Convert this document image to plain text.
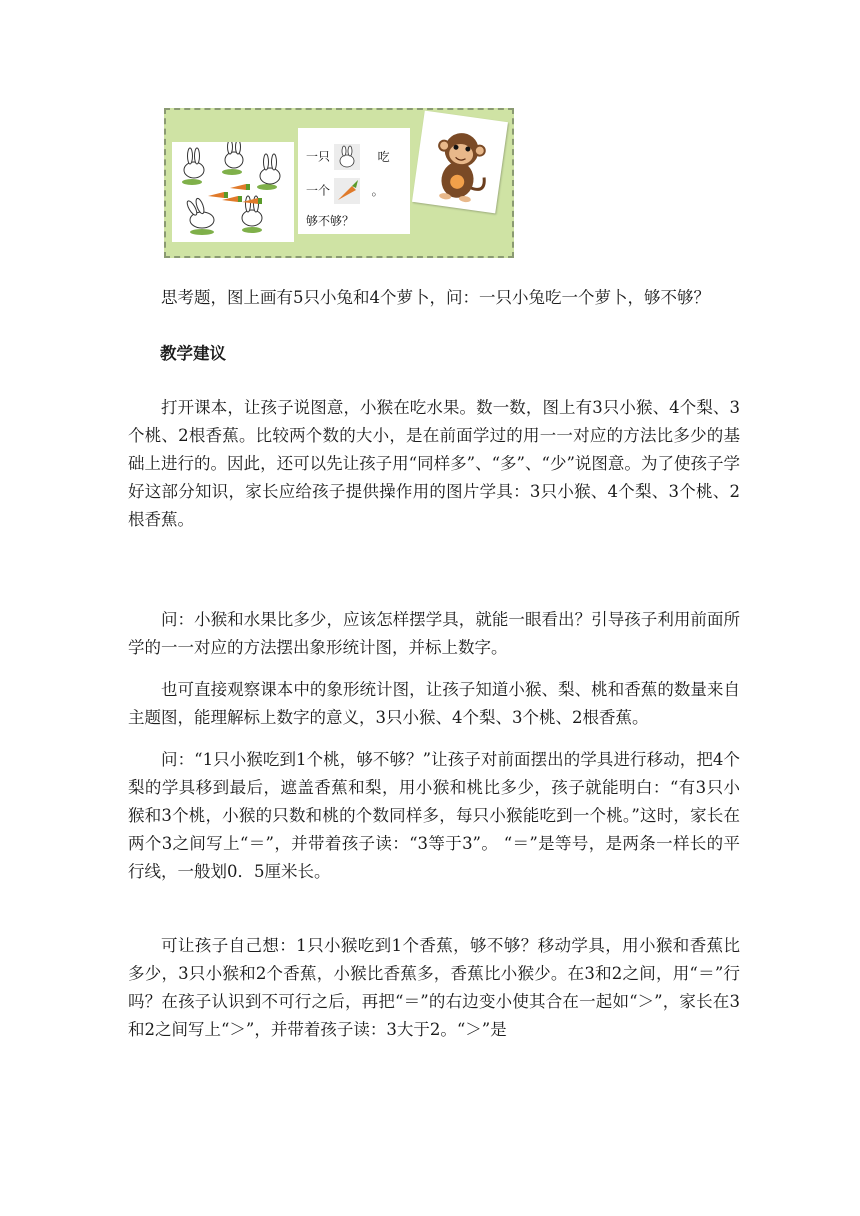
一只	吃
一个	。
够不够？

思考题，图上画有5只小兔和4个萝卜，问：一只小兔吃一个萝卜，够不够？

教学建议

打开课本，让孩子说图意，小猴在吃水果。数一数，图上有3只小猴、4个梨、3个桃、2根香蕉。比较两个数的大小，是在前面学过的用一一对应的方法比多少的基础上进行的。因此，还可以先让孩子用“同样多”、“多”、“少”说图意。为了使孩子学好这部分知识，家长应给孩子提供操作用的图片学具：3只小猴、4个梨、3个桃、2根香蕉。

问：小猴和水果比多少，应该怎样摆学具，就能一眼看出？引导孩子利用前面所学的一一对应的方法摆出象形统计图，并标上数字。

也可直接观察课本中的象形统计图，让孩子知道小猴、梨、桃和香蕉的数量来自主题图，能理解标上数字的意义，3只小猴、4个梨、3个桃、2根香蕉。

问：“1只小猴吃到1个桃，够不够？”让孩子对前面摆出的学具进行移动，把4个梨的学具移到最后，遮盖香蕉和梨，用小猴和桃比多少，孩子就能明白：“有3只小猴和3个桃，小猴的只数和桃的个数同样多，每只小猴能吃到一个桃。”这时，家长在两个3之间写上“＝”，并带着孩子读：“3等于3”。 “＝”是等号，是两条一样长的平行线，一般划0．5厘米长。

可让孩子自己想：1只小猴吃到1个香蕉，够不够？移动学具，用小猴和香蕉比多少，3只小猴和2个香蕉，小猴比香蕉多，香蕉比小猴少。在3和2之间，用“＝”行吗？在孩子认识到不可行之后，再把“＝”的右边变小使其合在一起如“＞”，家长在3和2之间写上“＞”，并带着孩子读：3大于2。“＞”是
